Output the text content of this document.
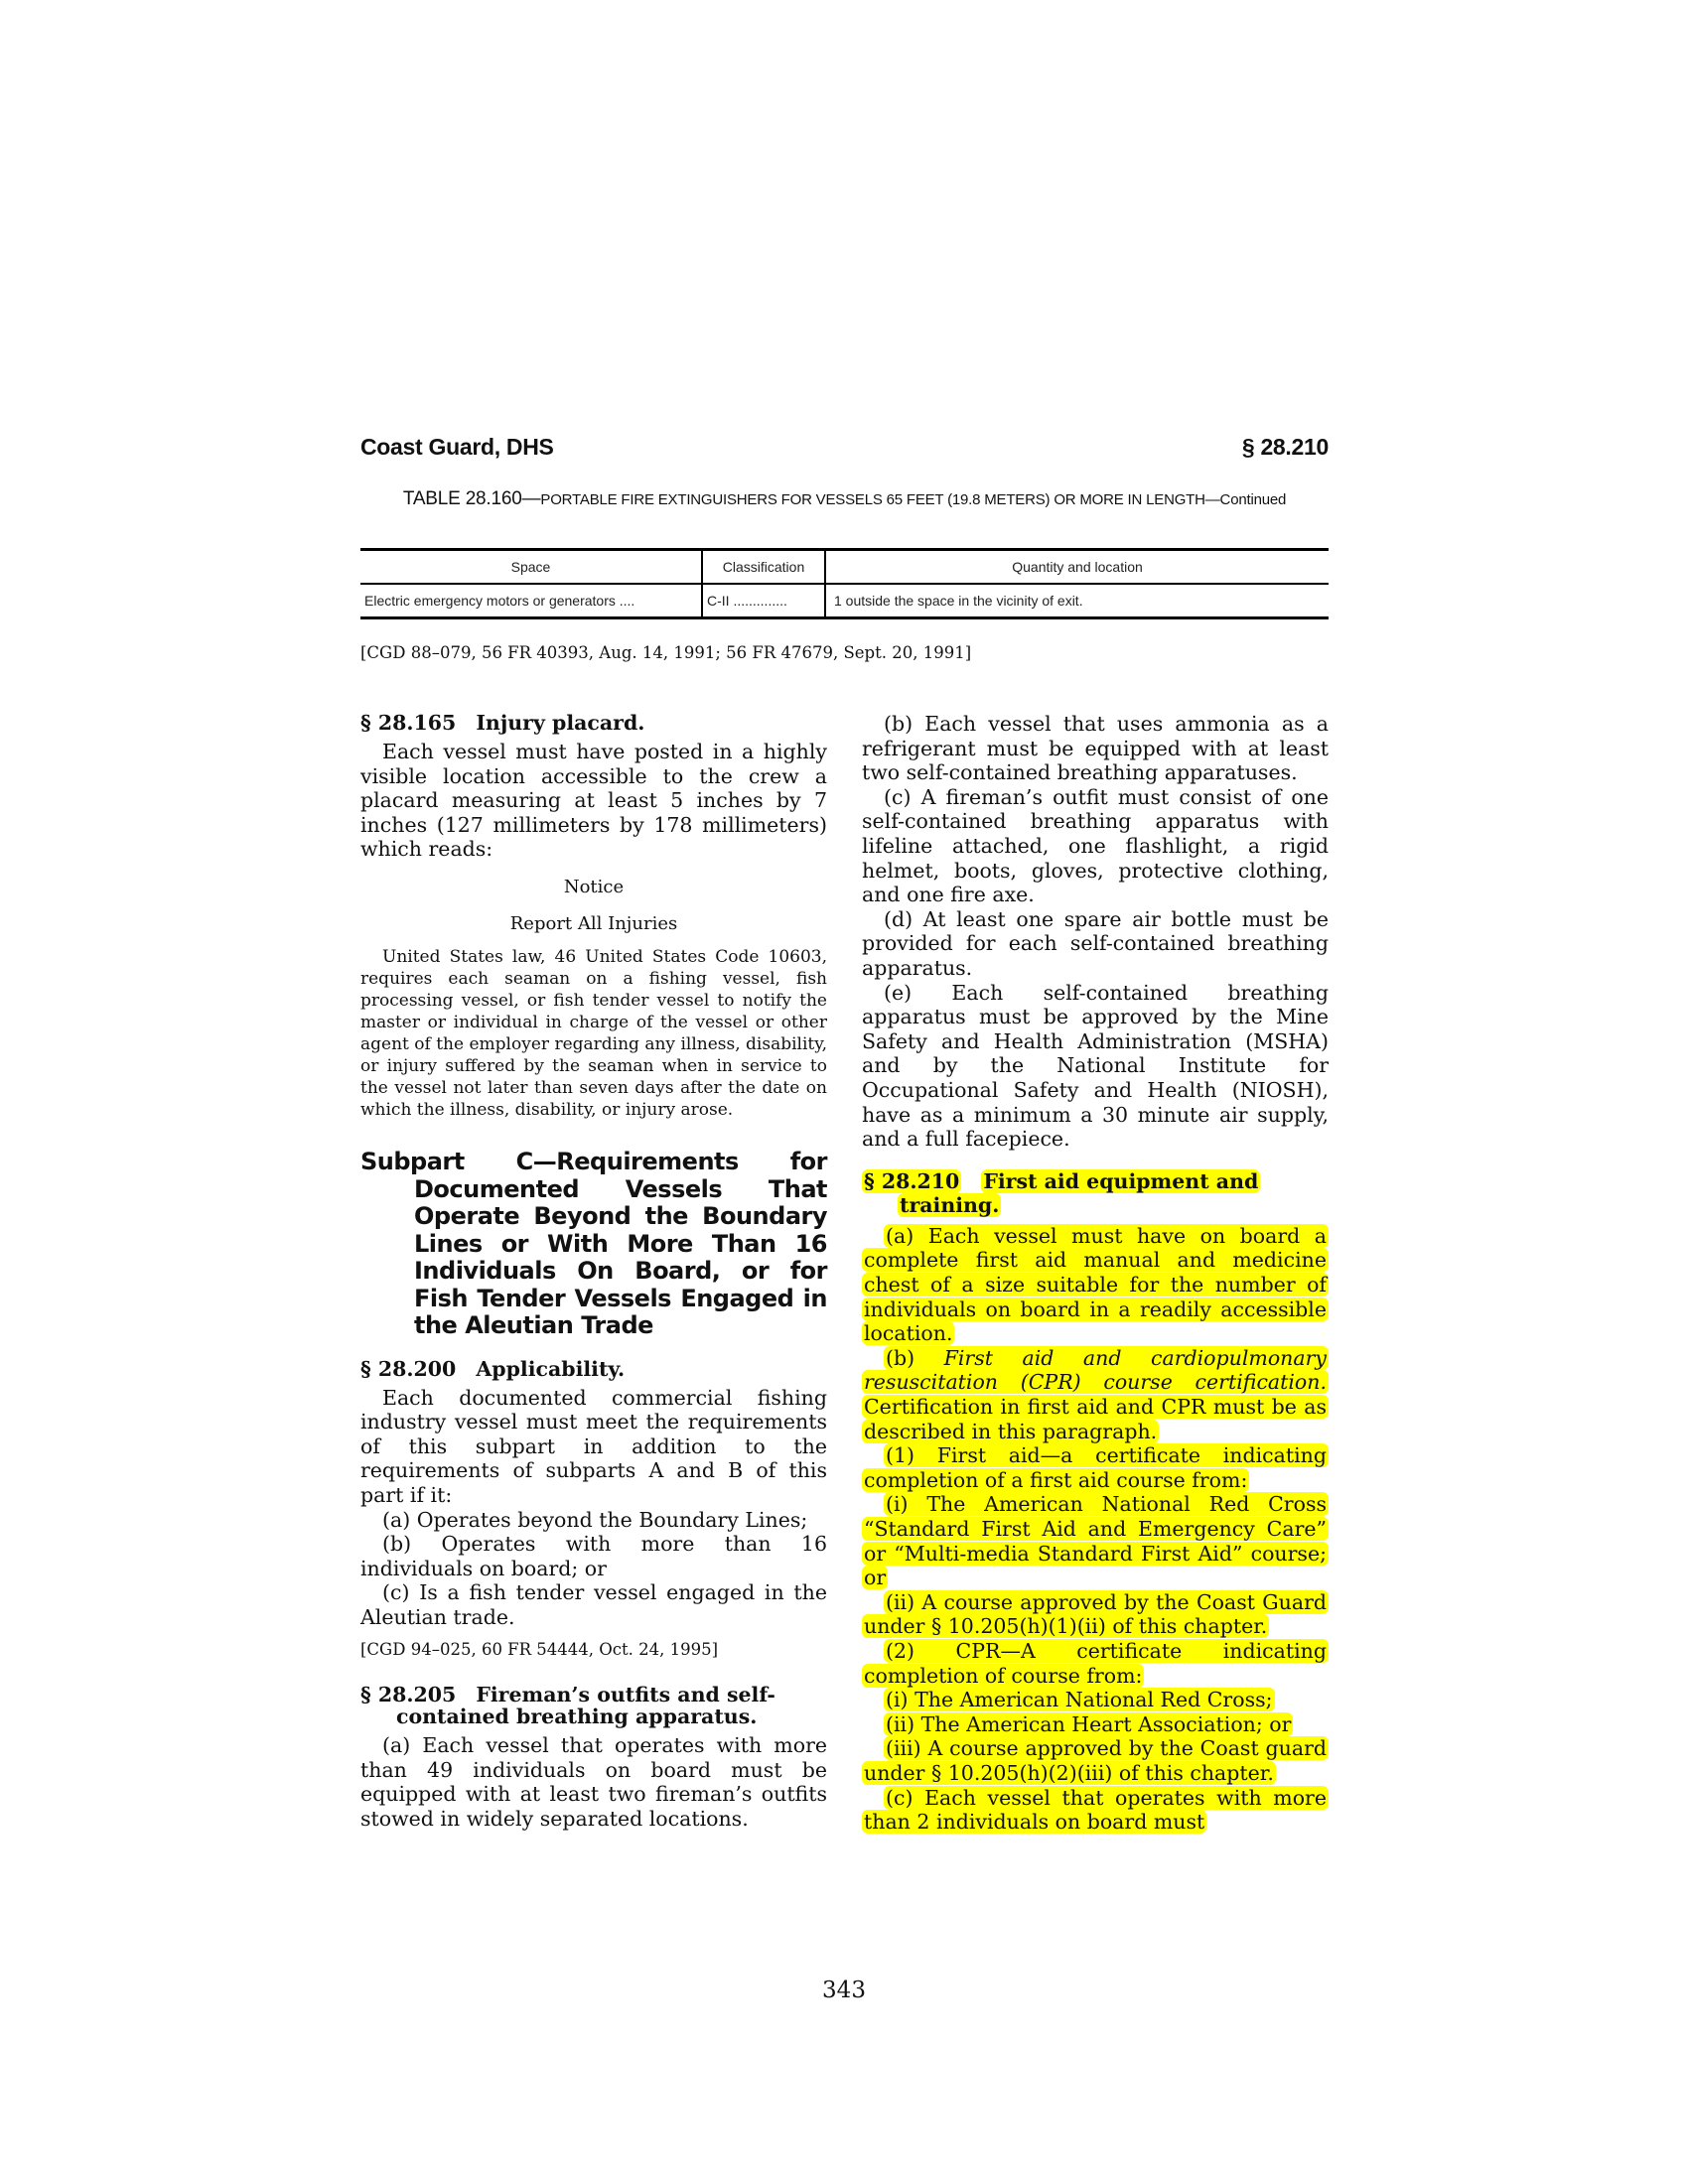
Coast Guard, DHS	§ 28.210
TABLE 28.160—PORTABLE FIRE EXTINGUISHERS FOR VESSELS 65 FEET (19.8 METERS) OR MORE IN LENGTH—Continued
Space	Classification	Quantity and location
Electric emergency motors or generators ....	C-II ..............	1 outside the space in the vicinity of exit.
[CGD 88–079, 56 FR 40393, Aug. 14, 1991; 56 FR 47679, Sept. 20, 1991]
§ 28.165 Injury placard.

Each vessel must have posted in a highly visible location accessible to the crew a placard measuring at least 5 inches by 7 inches (127 millimeters by 178 millimeters) which reads:

Notice

Report All Injuries

United States law, 46 United States Code 10603, requires each seaman on a fishing vessel, fish processing vessel, or fish tender vessel to notify the master or individual in charge of the vessel or other agent of the employer regarding any illness, disability, or injury suffered by the seaman when in service to the vessel not later than seven days after the date on which the illness, disability, or injury arose.

Subpart C—Requirements for Documented Vessels That Operate Beyond the Boundary Lines or With More Than 16 Individuals On Board, or for Fish Tender Vessels Engaged in the Aleutian Trade
§ 28.200 Applicability.

Each documented commercial fishing industry vessel must meet the requirements of this subpart in addition to the requirements of subparts A and B of this part if it:

(a) Operates beyond the Boundary Lines;

(b) Operates with more than 16 individuals on board; or

(c) Is a fish tender vessel engaged in the Aleutian trade.

[CGD 94–025, 60 FR 54444, Oct. 24, 1995]

§ 28.205 Fireman’s outfits and self-contained breathing apparatus.

(a) Each vessel that operates with more than 49 individuals on board must be equipped with at least two fireman’s outfits stowed in widely separated locations.

(b) Each vessel that uses ammonia as a refrigerant must be equipped with at least two self-contained breathing apparatuses.

(c) A fireman’s outfit must consist of one self-contained breathing apparatus with lifeline attached, one flashlight, a rigid helmet, boots, gloves, protective clothing, and one fire axe.

(d) At least one spare air bottle must be provided for each self-contained breathing apparatus.

(e) Each self-contained breathing apparatus must be approved by the Mine Safety and Health Administration (MSHA) and by the National Institute for Occupational Safety and Health (NIOSH), have as a minimum a 30 minute air supply, and a full facepiece.

§ 28.210 First aid equipment and training.

(a) Each vessel must have on board a complete first aid manual and medicine chest of a size suitable for the number of individuals on board in a readily accessible location.

(b) First aid and cardiopulmonary resuscitation (CPR) course certification. Certification in first aid and CPR must be as described in this paragraph.

(1) First aid—a certificate indicating completion of a first aid course from:

(i) The American National Red Cross “Standard First Aid and Emergency Care” or “Multi-media Standard First Aid” course; or

(ii) A course approved by the Coast Guard under § 10.205(h)(1)(ii) of this chapter.

(2) CPR—A certificate indicating completion of course from:

(i) The American National Red Cross;

(ii) The American Heart Association; or

(iii) A course approved by the Coast guard under § 10.205(h)(2)(iii) of this chapter.

(c) Each vessel that operates with more than 2 individuals on board must

343
